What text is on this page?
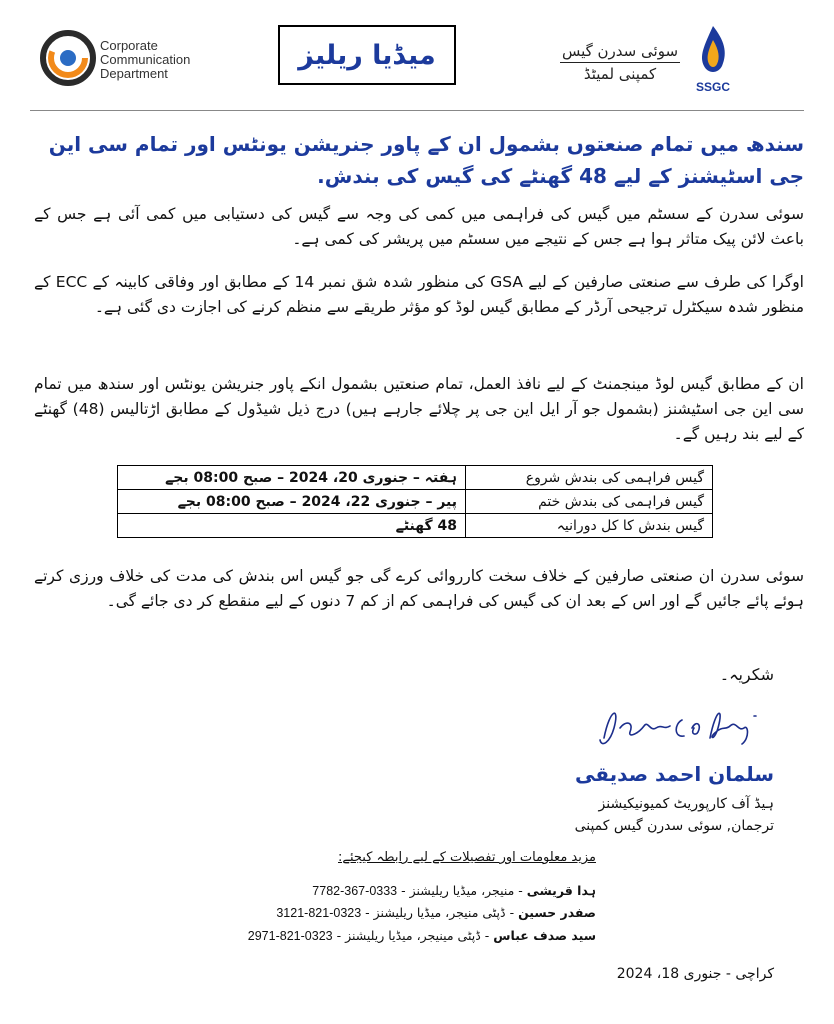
Corporate
Communication
Department
میڈیا ریلیز	سوئی سدرن گیس
کمپنی لمیٹڈ
SSGC
سندھ میں تمام صنعتوں بشمول ان کے پاور جنریشن یونٹس اور تمام سی این جی اسٹیشنز کے لیے 48 گھنٹے کی گیس کی بندش.
سوئی سدرن کے سسٹم میں گیس کی فراہمی میں کمی کی وجہ سے گیس کی دستیابی میں کمی آئی ہے جس کے باعث لائن پیک متاثر ہوا ہے جس کے نتیجے میں سسٹم میں پریشر کی کمی ہے۔
اوگرا کی طرف سے صنعتی صارفین کے لیے GSA کی منظور شدہ شق نمبر 14 کے مطابق اور وفاقی کابینہ کے ECC کے منظور شدہ سیکٹرل ترجیحی آرڈر کے مطابق گیس لوڈ کو مؤثر طریقے سے منظم کرنے کی اجازت دی گئی ہے۔
ان کے مطابق گیس لوڈ مینجمنٹ کے لیے نافذ العمل، تمام صنعتیں بشمول انکے پاور جنریشن یونٹس اور سندھ میں تمام سی این جی اسٹیشنز (بشمول جو آر ایل این جی پر چلائے جارہے ہیں) درج ذیل شیڈول کے مطابق اڑتالیس (48) گھنٹے کے لیے بند رہیں گے۔
گیس فراہمی کی بندش شروع	ہفتہ – جنوری 20، 2024 – صبح 08:00 بجے
گیس فراہمی کی بندش ختم	پیر – جنوری 22، 2024 – صبح 08:00 بجے
گیس بندش کا کل دورانیہ	48 گھنٹے
سوئی سدرن ان صنعتی صارفین کے خلاف سخت کارروائی کرے گی جو گیس اس بندش کی مدت کی خلاف ورزی کرتے ہوئے پائے جائیں گے اور اس کے بعد ان کی گیس کی فراہمی کم از کم 7 دنوں کے لیے منقطع کر دی جائے گی۔
شکریہ۔
سلمان احمد صدیقی
ہیڈ آف کارپوریٹ کمیونیکیشنز
ترجمان, سوئی سدرن گیس کمپنی
مزید معلومات اور تفصیلات کے لیے رابطہ کیجئے:
ہدا قریشی - منیجر، میڈیا ریلیشنز - 0333-367-7782
صفدر حسین - ڈپٹی منیجر، میڈیا ریلیشنز - 0323-821-3121
سید صدف عباس - ڈپٹی مینیجر، میڈیا ریلیشنز - 0323-821-2971
کراچی - جنوری 18، 2024
